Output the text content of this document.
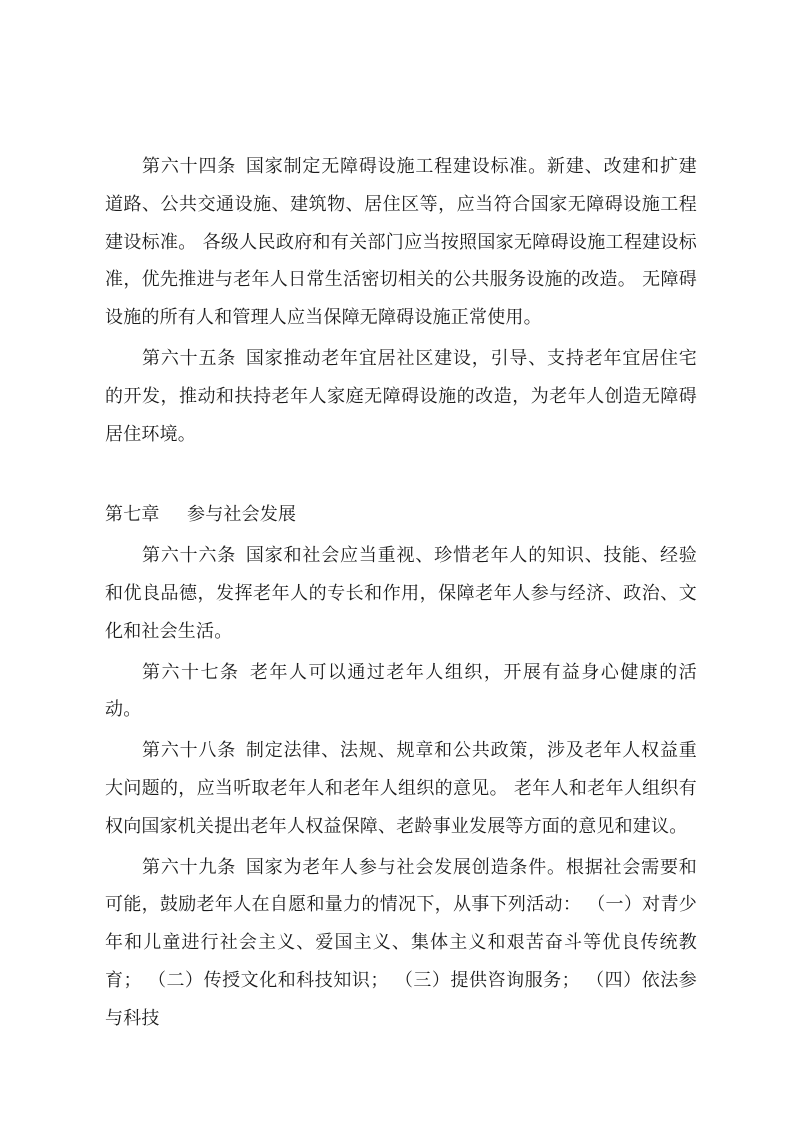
第六十四条 国家制定无障碍设施工程建设标准。新建、改建和扩建道路、公共交通设施、建筑物、居住区等，应当符合国家无障碍设施工程建设标准。 各级人民政府和有关部门应当按照国家无障碍设施工程建设标准，优先推进与老年人日常生活密切相关的公共服务设施的改造。 无障碍设施的所有人和管理人应当保障无障碍设施正常使用。

第六十五条 国家推动老年宜居社区建设，引导、支持老年宜居住宅的开发，推动和扶持老年人家庭无障碍设施的改造，为老年人创造无障碍居住环境。

第七章 参与社会发展

第六十六条 国家和社会应当重视、珍惜老年人的知识、技能、经验和优良品德，发挥老年人的专长和作用，保障老年人参与经济、政治、文化和社会生活。

第六十七条 老年人可以通过老年人组织，开展有益身心健康的活动。

第六十八条 制定法律、法规、规章和公共政策，涉及老年人权益重大问题的，应当听取老年人和老年人组织的意见。 老年人和老年人组织有权向国家机关提出老年人权益保障、老龄事业发展等方面的意见和建议。

第六十九条 国家为老年人参与社会发展创造条件。根据社会需要和可能，鼓励老年人在自愿和量力的情况下，从事下列活动： （一）对青少年和儿童进行社会主义、爱国主义、集体主义和艰苦奋斗等优良传统教育； （二）传授文化和科技知识； （三）提供咨询服务； （四）依法参与科技
